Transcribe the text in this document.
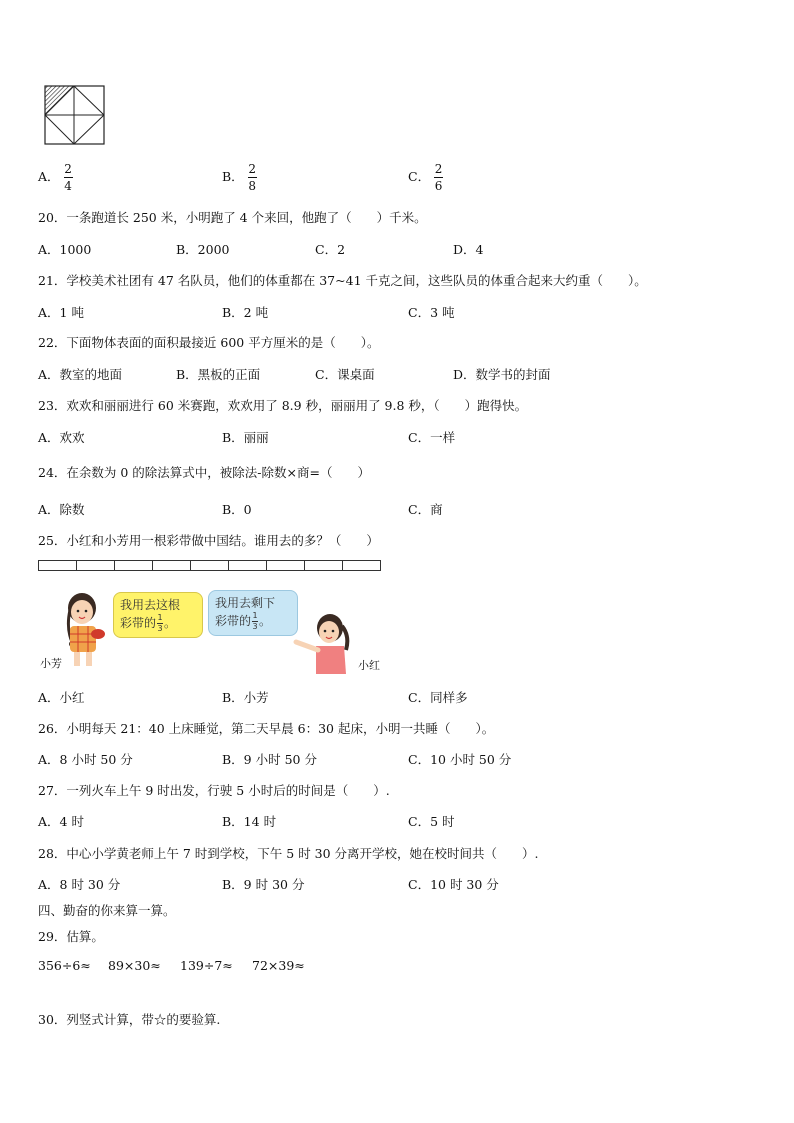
A． $\frac{2}{4}$	B． $\frac{2}{8}$	C． $\frac{2}{6}$
20．一条跑道长 250 米，小明跑了 4 个来回，他跑了（　　）千米。
A．1000	B．2000	C．2	D．4
21．学校美术社团有 47 名队员，他们的体重都在 37~41 千克之间，这些队员的体重合起来大约重（　　）。
A．1 吨	B．2 吨	C．3 吨
22．下面物体表面的面积最接近 600 平方厘米的是（　　）。
A．教室的地面	B．黑板的正面	C．课桌面	D．数学书的封面
23．欢欢和丽丽进行 60 米赛跑，欢欢用了 8.9 秒，丽丽用了 9.8 秒，（　　）跑得快。
A．欢欢	B．丽丽	C．一样
24．在余数为 0 的除法算式中，被除法-除数×商=（　　）
A．除数	B．0	C．商
25．小红和小芳用一根彩带做中国结。谁用去的多？（　　）
小芳
我用去这根
彩带的 $\frac{1}{3}$ 。
我用去剩下
彩带的 $\frac{1}{3}$ 。
小红
A．小红	B．小芳	C．同样多
26．小明每天 21：40 上床睡觉，第二天早晨 6：30 起床，小明一共睡（　　）。
A．8 小时 50 分	B．9 小时 50 分	C．10 小时 50 分
27．一列火车上午 9 时出发，行驶 5 小时后的时间是（　　）.
A．4 时	B．14 时	C．5 时
28．中心小学黄老师上午 7 时到学校，下午 5 时 30 分离开学校，她在校时间共（　　）.
A．8 时 30 分	B．9 时 30 分	C．10 时 30 分
四、勤奋的你来算一算。
29．估算。
356÷6≈ 89×30≈ 139÷7≈ 72×39≈
30．列竖式计算，带☆的要验算.
